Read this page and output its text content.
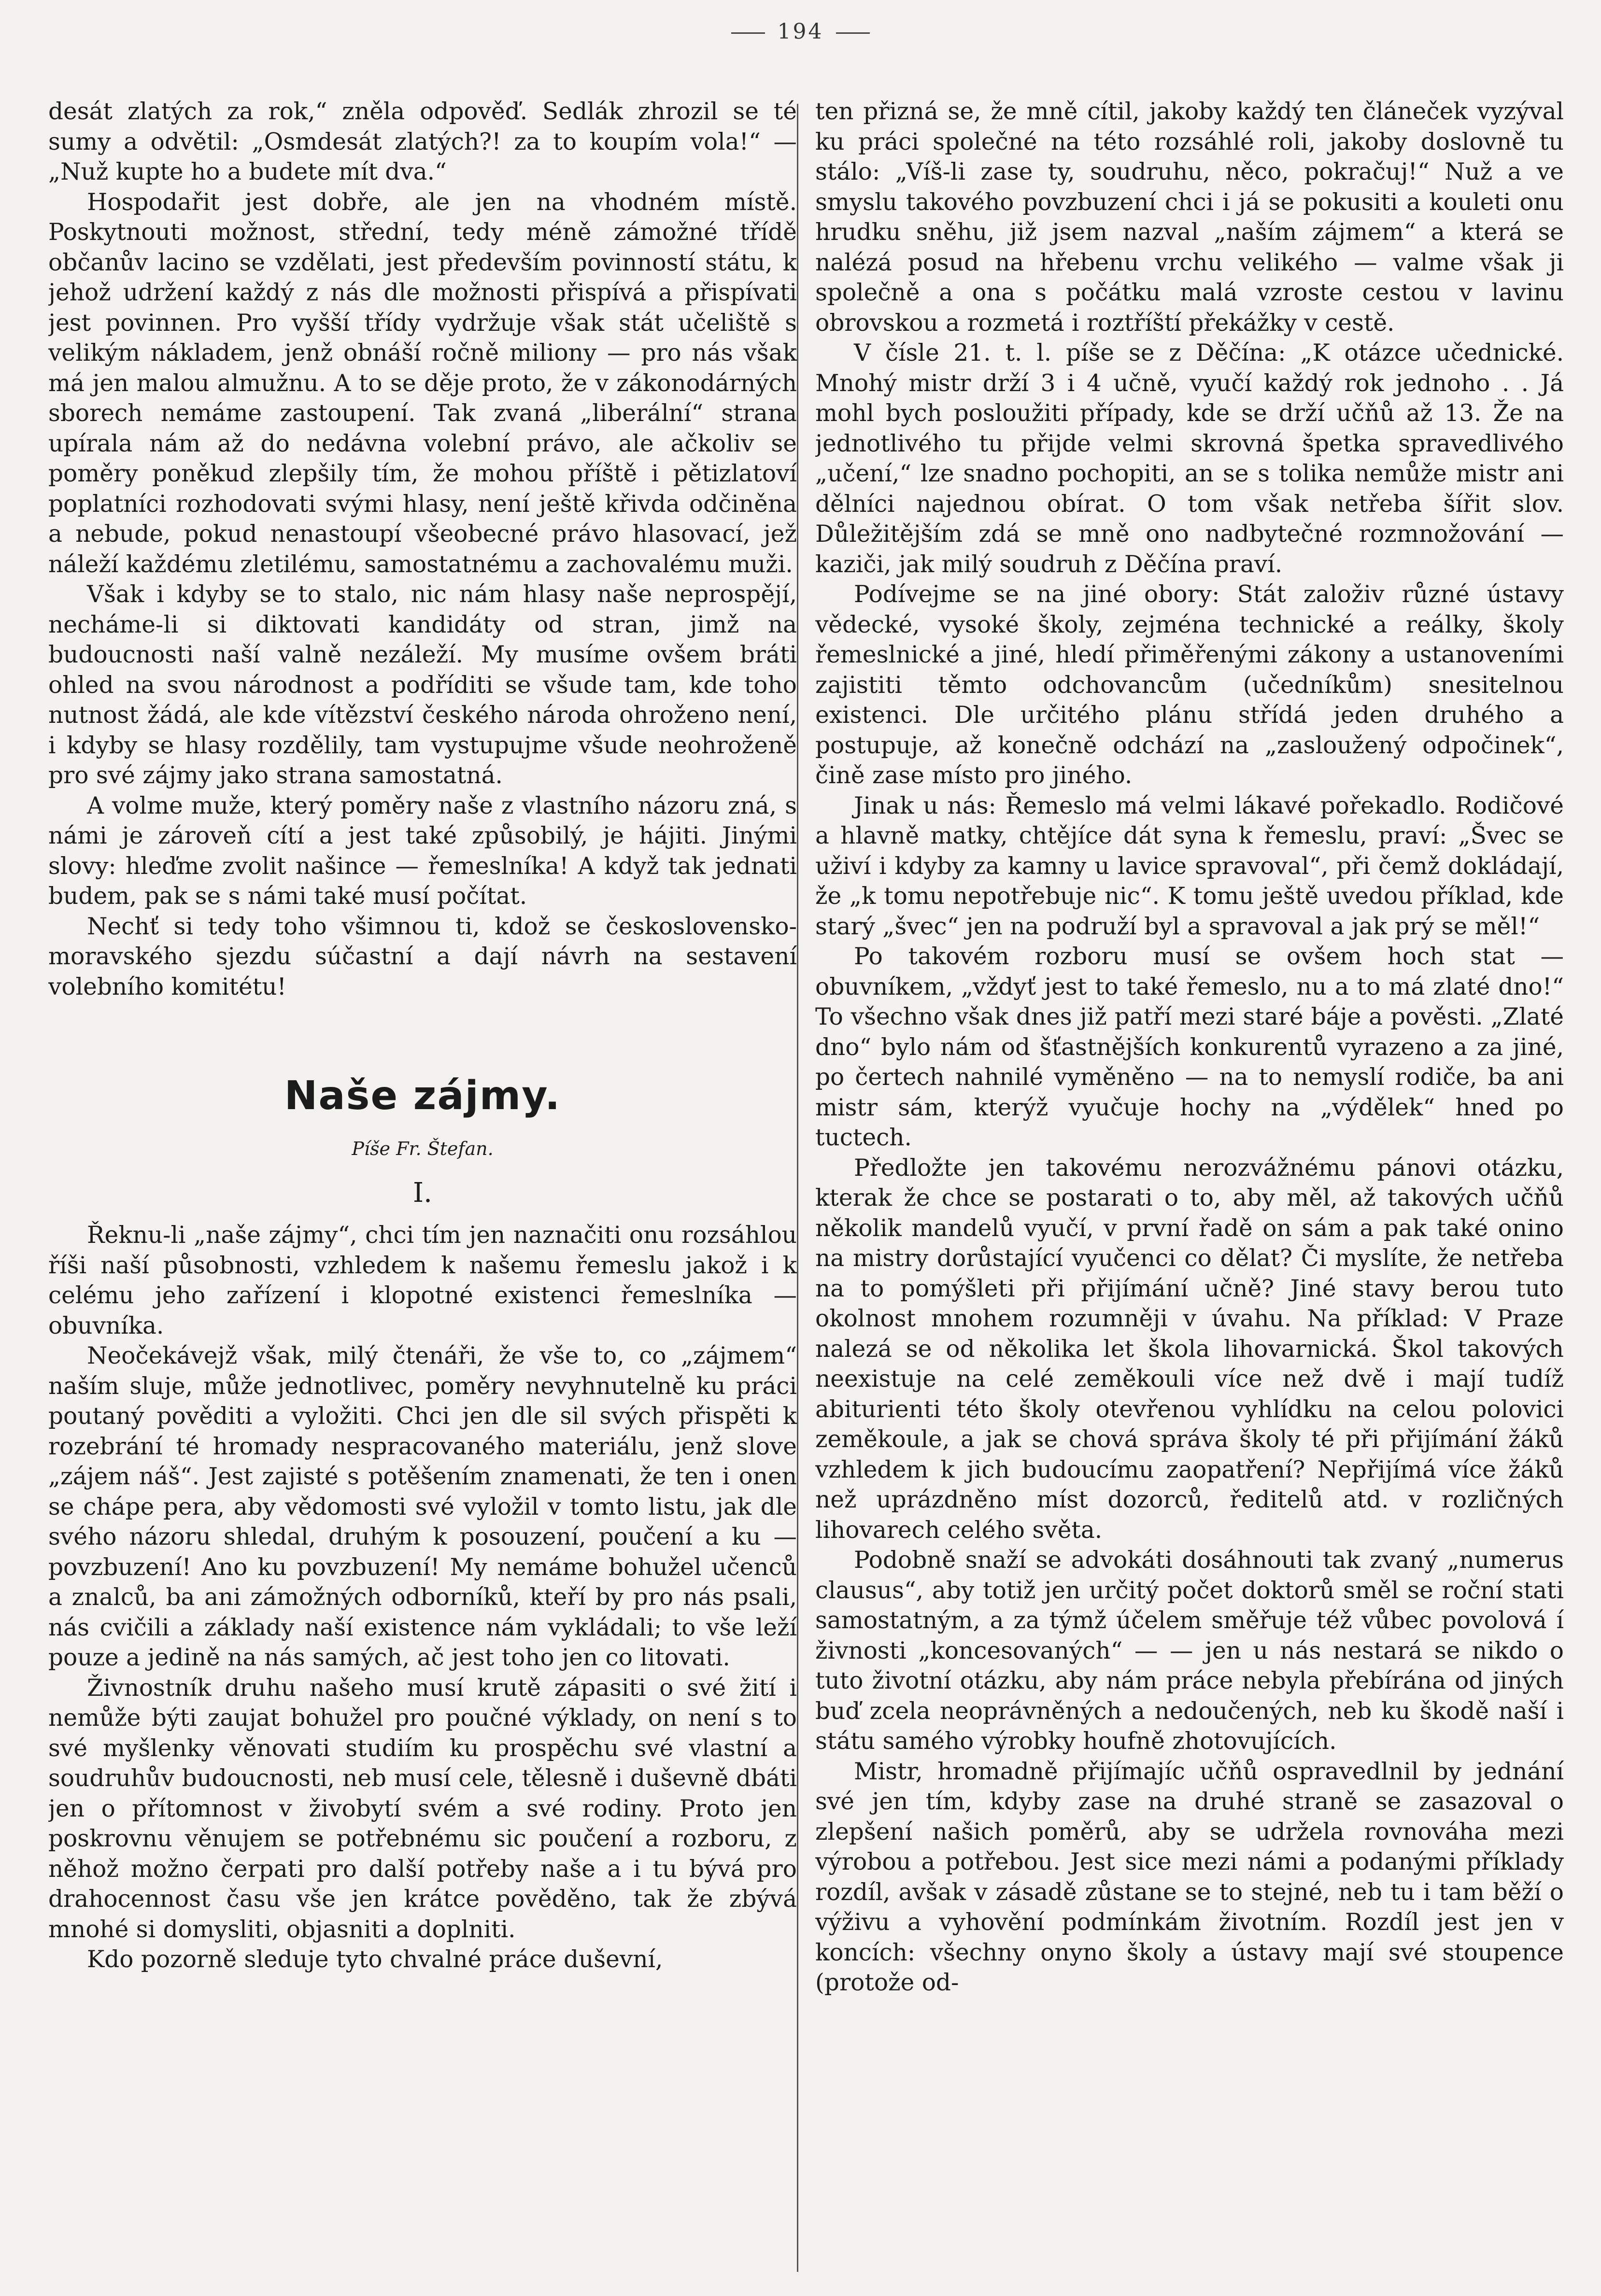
194

desát zlatých za rok,“ zněla odpověď. Sedlák zhrozil se té sumy a odvětil: „Osmdesát zlatých?! za to koupím vola!“ — „Nuž kupte ho a budete mít dva.“

Hospodařit jest dobře, ale jen na vhodném místě. Poskytnouti možnost, střední, tedy méně zámožné třídě občanův lacino se vzdělati, jest především povinností státu, k jehož udržení každý z nás dle možnosti přispívá a přispívati jest povinnen. Pro vyšší třídy vydržuje však stát učeliště s velikým nákladem, jenž obnáší ročně miliony — pro nás však má jen malou almužnu. A to se děje proto, že v zákonodárných sborech nemáme zastoupení. Tak zvaná „liberální“ strana upírala nám až do nedávna volební právo, ale ačkoliv se poměry poněkud zlepšily tím, že mohou příště i pětizlatoví poplatníci rozhodovati svými hlasy, není ještě křivda odčiněna a nebude, pokud nenastoupí všeobecné právo hlasovací, jež náleží každému zletilému, samostatnému a zachovalému muži.

Však i kdyby se to stalo, nic nám hlasy naše neprospějí, necháme-li si diktovati kandidáty od stran, jimž na budoucnosti naší valně nezáleží. My musíme ovšem bráti ohled na svou národnost a podříditi se všude tam, kde toho nutnost žádá, ale kde vítězství českého národa ohroženo není, i kdyby se hlasy rozdělily, tam vystupujme všude neohroženě pro své zájmy jako strana samostatná.

A volme muže, který poměry naše z vlastního názoru zná, s námi je zároveň cítí a jest také způsobilý, je hájiti. Jinými slovy: hleďme zvolit našince — řemeslníka! A když tak jednati budem, pak se s námi také musí počítat.

Nechť si tedy toho všimnou ti, kdož se československo-moravského sjezdu súčastní a dají návrh na sestavení volebního komitétu!

Naše zájmy.
Píše Fr. Štefan.
I.

Řeknu-li „naše zájmy“, chci tím jen naznačiti onu rozsáhlou říši naší působnosti, vzhledem k našemu řemeslu jakož i k celému jeho zařízení i klopotné existenci řemeslníka — obuvníka.

Neočekávejž však, milý čtenáři, že vše to, co „zájmem“ naším sluje, může jednotlivec, poměry nevyhnutelně ku práci poutaný pověditi a vyložiti. Chci jen dle sil svých přispěti k rozebrání té hromady nespracovaného materiálu, jenž slove „zájem náš“. Jest zajisté s potěšením znamenati, že ten i onen se chápe pera, aby vědomosti své vyložil v tomto listu, jak dle svého názoru shledal, druhým k posouzení, poučení a ku — povzbuzení! Ano ku povzbuzení! My nemáme bohužel učenců a znalců, ba ani zámožných odborníků, kteří by pro nás psali, nás cvičili a základy naší existence nám vykládali; to vše leží pouze a jedině na nás samých, ač jest toho jen co litovati.

Živnostník druhu našeho musí krutě zápasiti o své žití i nemůže býti zaujat bohužel pro poučné výklady, on není s to své myšlenky věnovati studiím ku prospěchu své vlastní a soudruhův budoucnosti, neb musí cele, tělesně i duševně dbáti jen o přítomnost v živobytí svém a své rodiny. Proto jen poskrovnu věnujem se potřebnému sic poučení a rozboru, z něhož možno čerpati pro další potřeby naše a i tu bývá pro drahocennost času vše jen krátce pověděno, tak že zbývá mnohé si domysliti, objasniti a doplniti.

Kdo pozorně sleduje tyto chvalné práce duševní,

ten přizná se, že mně cítil, jakoby každý ten článeček vyzýval ku práci společné na této rozsáhlé roli, jakoby doslovně tu stálo: „Víš-li zase ty, soudruhu, něco, pokračuj!“ Nuž a ve smyslu takového povzbuzení chci i já se pokusiti a kouleti onu hrudku sněhu, již jsem nazval „naším zájmem“ a která se nalézá posud na hřebenu vrchu velikého — valme však ji společně a ona s počátku malá vzroste cestou v lavinu obrovskou a rozmetá i roztříští překážky v cestě.

V čísle 21. t. l. píše se z Děčína: „K otázce učednické. Mnohý mistr drží 3 i 4 učně, vyučí každý rok jednoho . . Já mohl bych posloužiti případy, kde se drží učňů až 13. Že na jednotlivého tu přijde velmi skrovná špetka spravedlivého „učení,“ lze snadno pochopiti, an se s tolika nemůže mistr ani dělníci najednou obírat. O tom však netřeba šířit slov. Důležitějším zdá se mně ono nadbytečné rozmnožování — kaziči, jak milý soudruh z Děčína praví.

Podívejme se na jiné obory: Stát založiv různé ústavy vědecké, vysoké školy, zejména technické a reálky, školy řemeslnické a jiné, hledí přiměřenými zákony a ustanoveními zajistiti těmto odchovancům (učedníkům) snesitelnou existenci. Dle určitého plánu střídá jeden druhého a postupuje, až konečně odchází na „zasloužený odpočinek“, čině zase místo pro jiného.

Jinak u nás: Řemeslo má velmi lákavé pořekadlo. Rodičové a hlavně matky, chtějíce dát syna k řemeslu, praví: „Švec se uživí i kdyby za kamny u lavice spravoval“, při čemž dokládají, že „k tomu nepotřebuje nic“. K tomu ještě uvedou příklad, kde starý „švec“ jen na podruží byl a spravoval a jak prý se měl!“

Po takovém rozboru musí se ovšem hoch stat — obuvníkem, „vždyť jest to také řemeslo, nu a to má zlaté dno!“ To všechno však dnes již patří mezi staré báje a pověsti. „Zlaté dno“ bylo nám od šťastnějších konkurentů vyrazeno a za jiné, po čertech nahnilé vyměněno — na to nemyslí rodiče, ba ani mistr sám, kterýž vyučuje hochy na „výdělek“ hned po tuctech.

Předložte jen takovému nerozvážnému pánovi otázku, kterak že chce se postarati o to, aby měl, až takových učňů několik mandelů vyučí, v první řadě on sám a pak také onino na mistry dorůstající vyučenci co dělat? Či myslíte, že netřeba na to pomýšleti při přijímání učně? Jiné stavy berou tuto okolnost mnohem rozumněji v úvahu. Na příklad: V Praze nalezá se od několika let škola lihovarnická. Škol takových neexistuje na celé zeměkouli více než dvě i mají tudíž abiturienti této školy otevřenou vyhlídku na celou polovici zeměkoule, a jak se chová správa školy té při přijímání žáků vzhledem k jich budoucímu zaopatření? Nepřijímá více žáků než uprázdněno míst dozorců, ředitelů atd. v rozličných lihovarech celého světa.

Podobně snaží se advokáti dosáhnouti tak zvaný „numerus clausus“, aby totiž jen určitý počet doktorů směl se roční stati samostatným, a za týmž účelem směřuje též vůbec povolová í živnosti „koncesovaných“ — — jen u nás nestará se nikdo o tuto životní otázku, aby nám práce nebyla přebírána od jiných buď zcela neoprávněných a nedoučených, neb ku škodě naší i státu samého výrobky houfně zhotovujících.

Mistr, hromadně přijímajíc učňů ospravedlnil by jednání své jen tím, kdyby zase na druhé straně se zasazoval o zlepšení našich poměrů, aby se udržela rovnováha mezi výrobou a potřebou. Jest sice mezi námi a podanými příklady rozdíl, avšak v zásadě zůstane se to stejné, neb tu i tam běží o výživu a vyhovění podmínkám životním. Rozdíl jest jen v koncích: všechny onyno školy a ústavy mají své stoupence (protože od-
